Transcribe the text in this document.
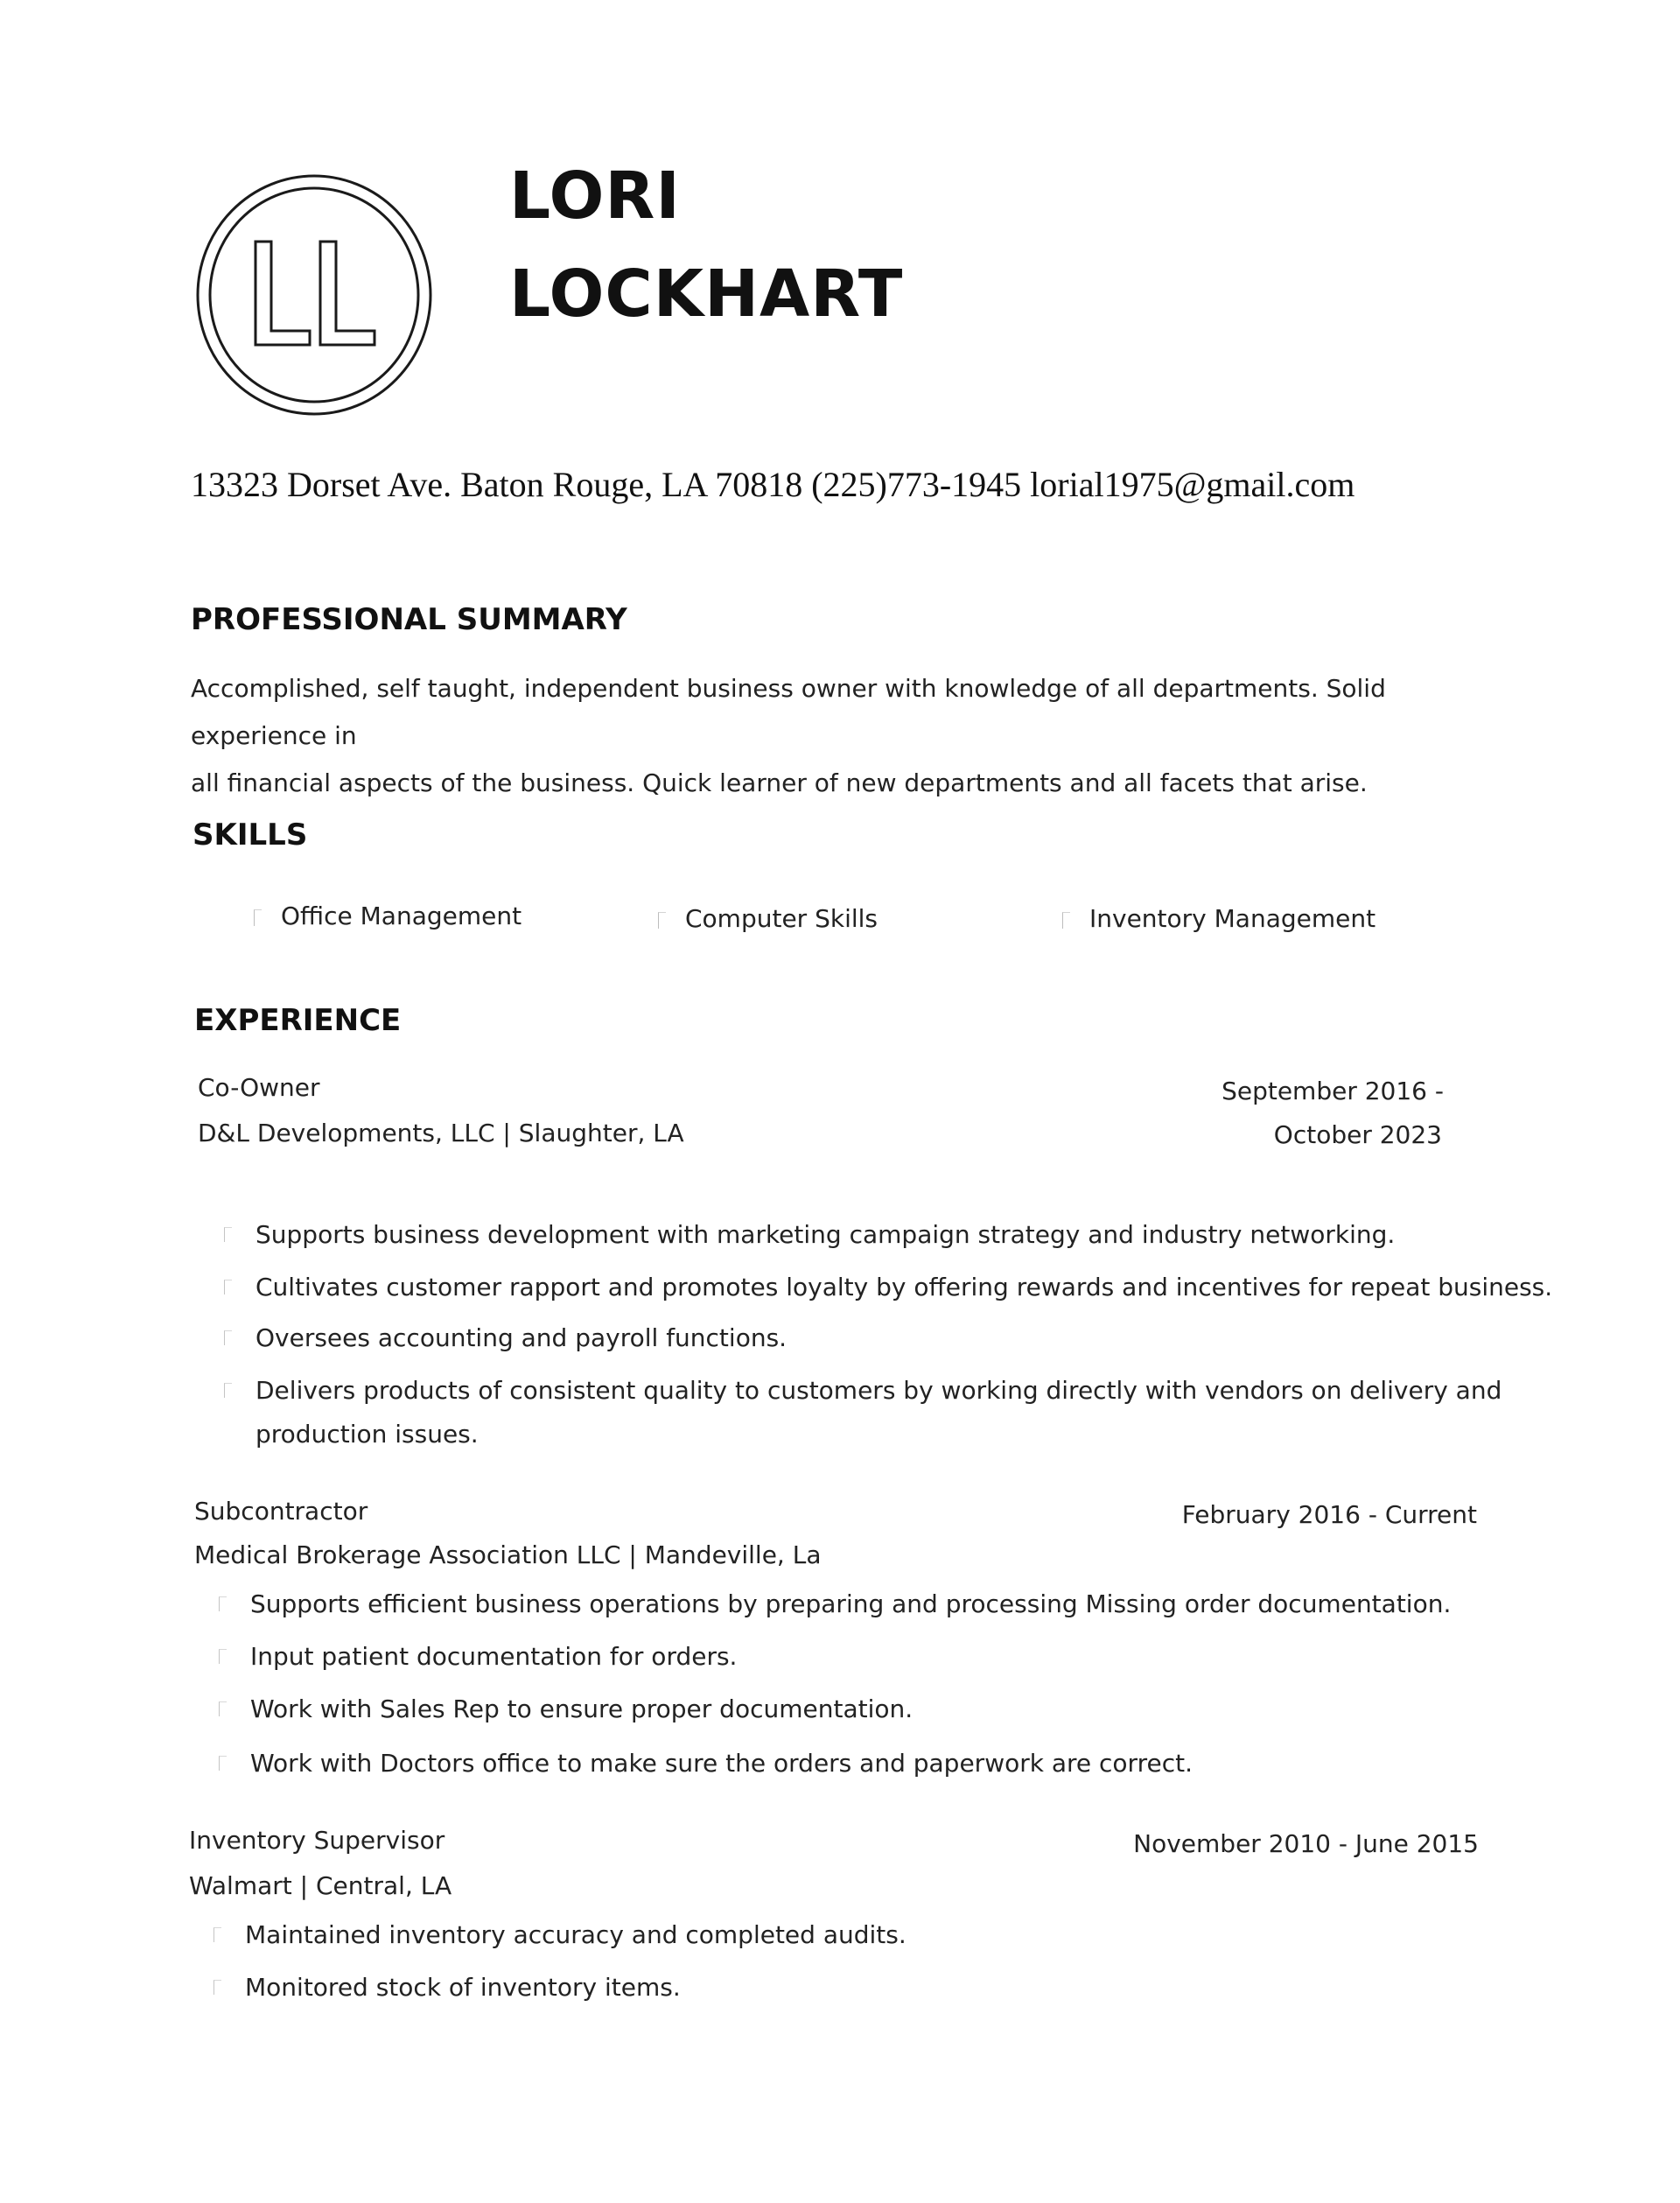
LORI
LOCKHART
13323 Dorset Ave. Baton Rouge, LA 70818 (225)773-1945 lorial1975@gmail.com
PROFESSIONAL SUMMARY
Accomplished, self taught, independent business owner with knowledge of all departments. Solid experience in
all financial aspects of the business. Quick learner of new departments and all facets that arise.
SKILLS
Office Management	Computer Skills	Inventory Management
EXPERIENCE
Co-Owner
D&L Developments, LLC | Slaughter, LA
September 2016 -
October 2023
Supports business development with marketing campaign strategy and industry networking.
Cultivates customer rapport and promotes loyalty by offering rewards and incentives for repeat business.
Oversees accounting and payroll functions.
Delivers products of consistent quality to customers by working directly with vendors on delivery and
production issues.
Subcontractor
Medical Brokerage Association LLC | Mandeville, La
February 2016 - Current
Supports efficient business operations by preparing and processing Missing order documentation.
Input patient documentation for orders.
Work with Sales Rep to ensure proper documentation.
Work with Doctors office to make sure the orders and paperwork are correct.
Inventory Supervisor
Walmart | Central, LA
November 2010 - June 2015
Maintained inventory accuracy and completed audits.
Monitored stock of inventory items.
